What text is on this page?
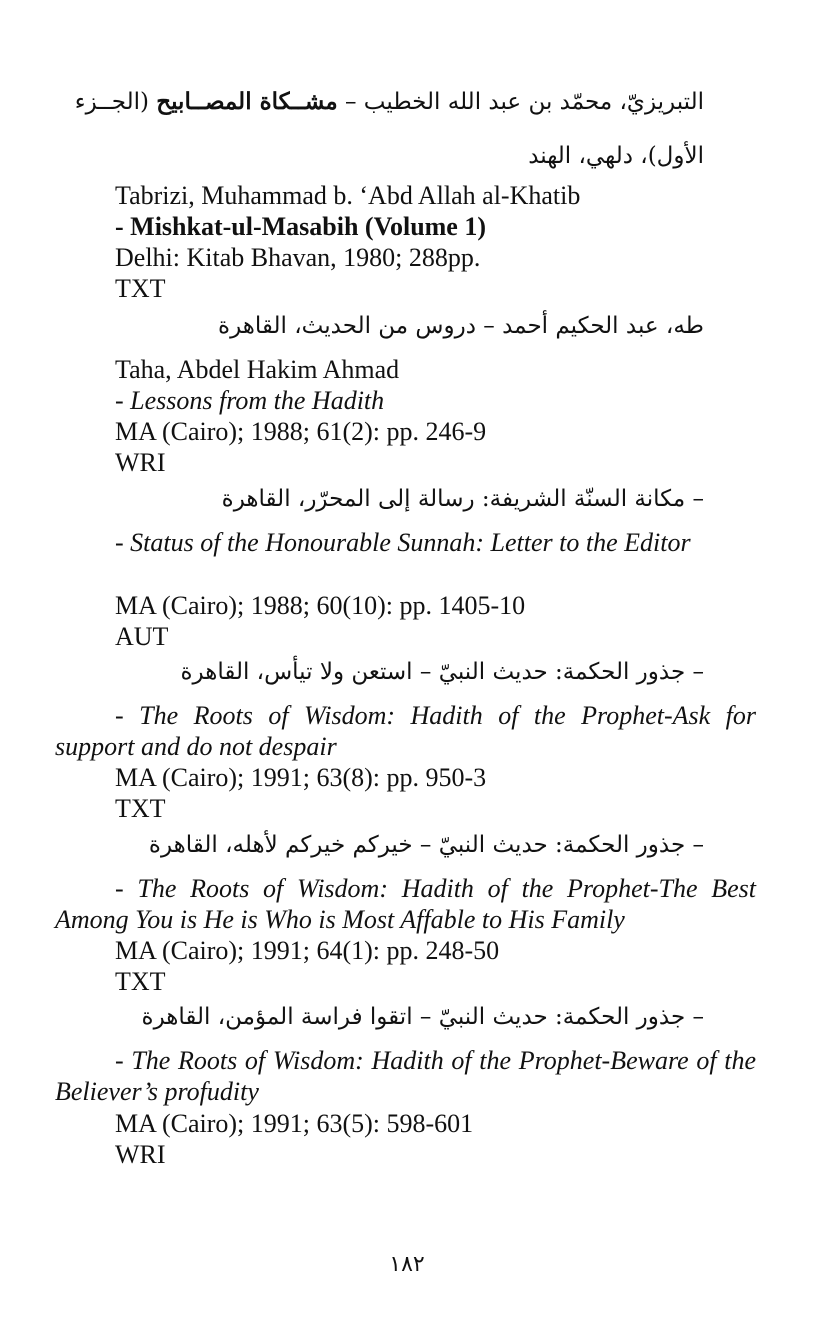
التبريزيّ، محمّد بن عبد الله الخطيب – مشــكاة المصــابيح (الجــزء
الأول)، دلهي، الهند
Tabrizi, Muhammad b. ‘Abd Allah al-Khatib
- Mishkat-ul-Masabih (Volume 1)
Delhi: Kitab Bhavan, 1980; 288pp.
TXT
طه، عبد الحكيم أحمد – دروس من الحديث، القاهرة
Taha, Abdel Hakim Ahmad
- Lessons from the Hadith
MA (Cairo); 1988; 61(2): pp. 246-9
WRI
– مكانة السنّة الشريفة: رسالة إلى المحرّر، القاهرة
- Status of the Honourable Sunnah: Letter to the Editor
MA (Cairo); 1988; 60(10): pp. 1405-10
AUT
– جذور الحكمة: حديث النبيّ – استعن ولا تيأس، القاهرة
- The Roots of Wisdom: Hadith of the Prophet-Ask for support and do not despair
MA (Cairo); 1991; 63(8): pp. 950-3
TXT
– جذور الحكمة: حديث النبيّ – خيركم خيركم لأهله، القاهرة
- The Roots of Wisdom: Hadith of the Prophet-The Best Among You is He is Who is Most Affable to His Family
MA (Cairo); 1991; 64(1): pp. 248-50
TXT
– جذور الحكمة: حديث النبيّ – اتقوا فراسة المؤمن، القاهرة
- The Roots of Wisdom: Hadith of the Prophet-Beware of the Believer’s profudity
MA (Cairo); 1991; 63(5): 598-601
WRI
١٨٢
